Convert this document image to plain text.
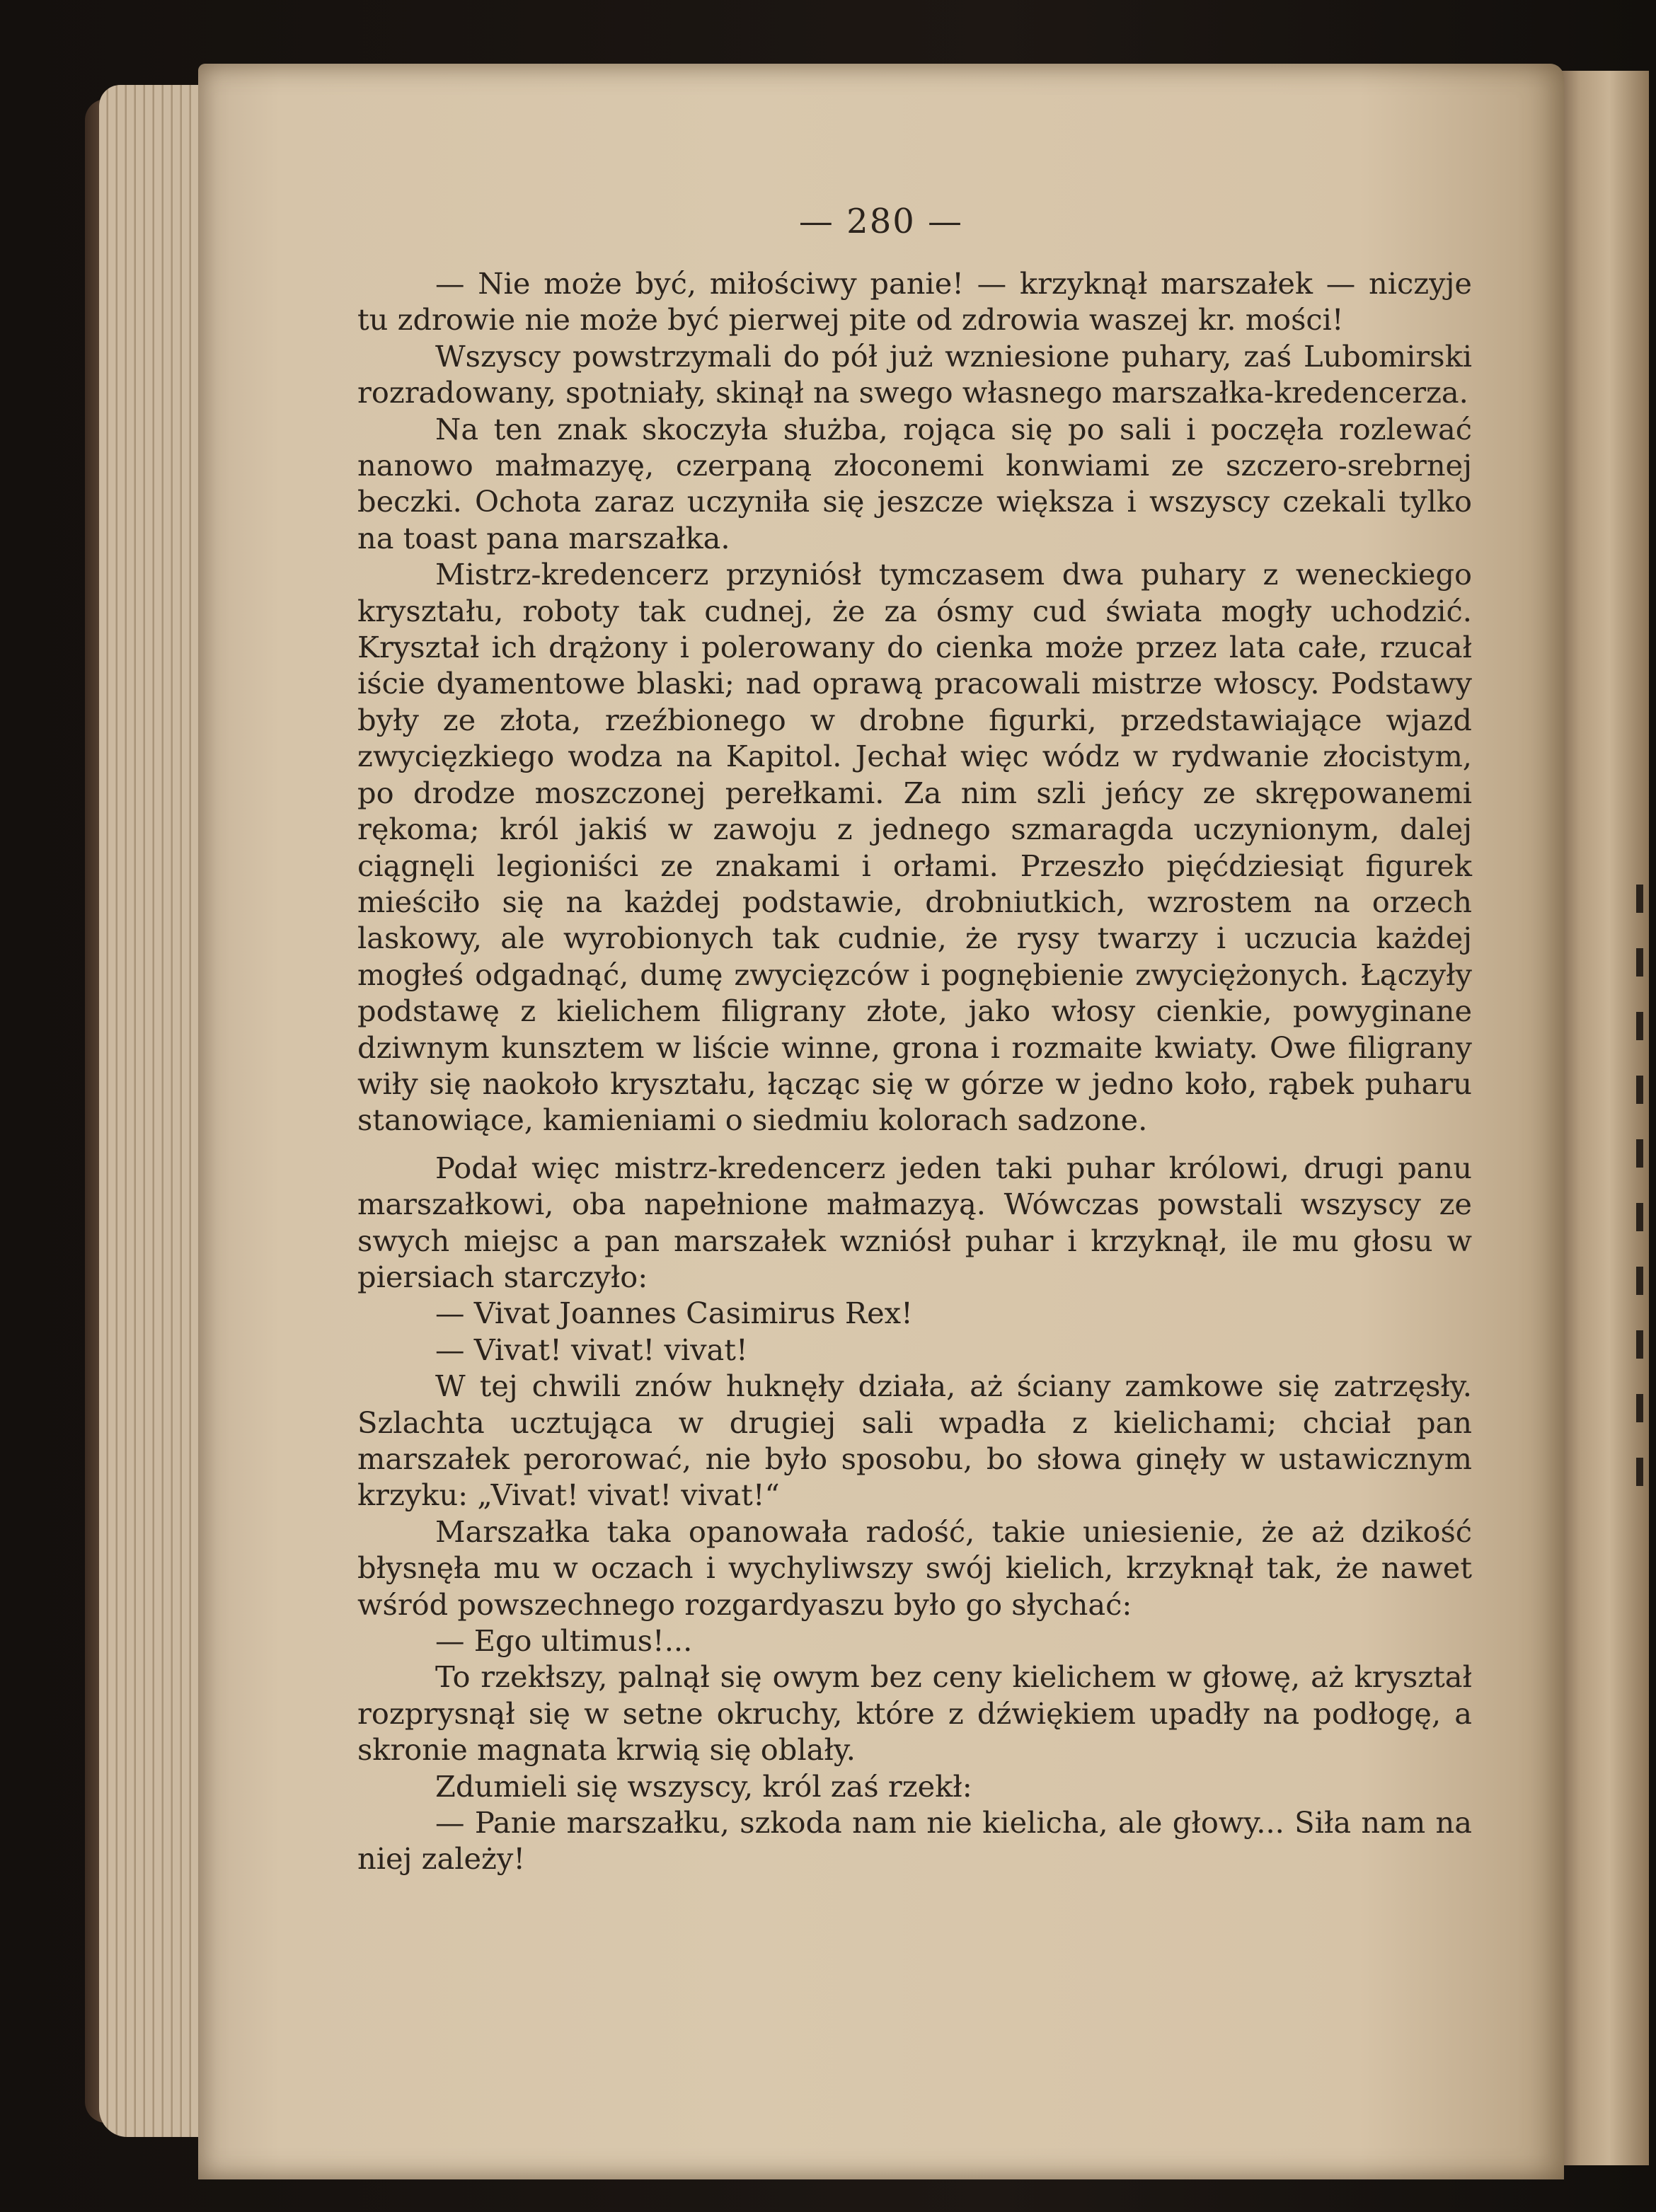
— 280 —

— Nie może być, miłościwy panie! — krzyknął marszałek — niczyje tu zdrowie nie może być pierwej pite od zdrowia waszej kr. mości!

Wszyscy powstrzymali do pół już wzniesione puhary, zaś Lubomirski rozradowany, spotniały, skinął na swego własnego marszałka-kredencerza.

Na ten znak skoczyła służba, rojąca się po sali i poczęła rozlewać nanowo małmazyę, czerpaną złoconemi konwiami ze szczero-srebrnej beczki. Ochota zaraz uczyniła się jeszcze większa i wszyscy czekali tylko na toast pana marszałka.

Mistrz-kredencerz przyniósł tymczasem dwa puhary z weneckiego kryształu, roboty tak cudnej, że za ósmy cud świata mogły uchodzić. Kryształ ich drążony i polerowany do cienka może przez lata całe, rzucał iście dyamentowe blaski; nad oprawą pracowali mistrze włoscy. Podstawy były ze złota, rzeźbionego w drobne figurki, przedstawiające wjazd zwycięzkiego wodza na Kapitol. Jechał więc wódz w rydwanie złocistym, po drodze moszczonej perełkami. Za nim szli jeńcy ze skrępowanemi rękoma; król jakiś w zawoju z jednego szmaragda uczynionym, dalej ciągnęli legioniści ze znakami i orłami. Przeszło pięćdziesiąt figurek mieściło się na każdej podstawie, drobniutkich, wzrostem na orzech laskowy, ale wyrobionych tak cudnie, że rysy twarzy i uczucia każdej mogłeś odgadnąć, dumę zwycięzców i pognębienie zwyciężonych. Łączyły podstawę z kielichem filigrany złote, jako włosy cienkie, powyginane dziwnym kunsztem w liście winne, grona i rozmaite kwiaty. Owe filigrany wiły się naokoło kryształu, łącząc się w górze w jedno koło, rąbek puharu stanowiące, kamieniami o siedmiu kolorach sadzone.

Podał więc mistrz-kredencerz jeden taki puhar królowi, drugi panu marszałkowi, oba napełnione małmazyą. Wówczas powstali wszyscy ze swych miejsc a pan marszałek wzniósł puhar i krzyknął, ile mu głosu w piersiach starczyło:

— Vivat Joannes Casimirus Rex!

— Vivat! vivat! vivat!

W tej chwili znów huknęły działa, aż ściany zamkowe się zatrzęsły. Szlachta ucztująca w drugiej sali wpadła z kielichami; chciał pan marszałek perorować, nie było sposobu, bo słowa ginęły w ustawicznym krzyku: „Vivat! vivat! vivat!“

Marszałka taka opanowała radość, takie uniesienie, że aż dzikość błysnęła mu w oczach i wychyliwszy swój kielich, krzyknął tak, że nawet wśród powszechnego rozgardyaszu było go słychać:

— Ego ultimus!...

To rzekłszy, palnął się owym bez ceny kielichem w głowę, aż kryształ rozprysnął się w setne okruchy, które z dźwiękiem upadły na podłogę, a skronie magnata krwią się oblały.

Zdumieli się wszyscy, król zaś rzekł:

— Panie marszałku, szkoda nam nie kielicha, ale głowy... Siła nam na niej zależy!
